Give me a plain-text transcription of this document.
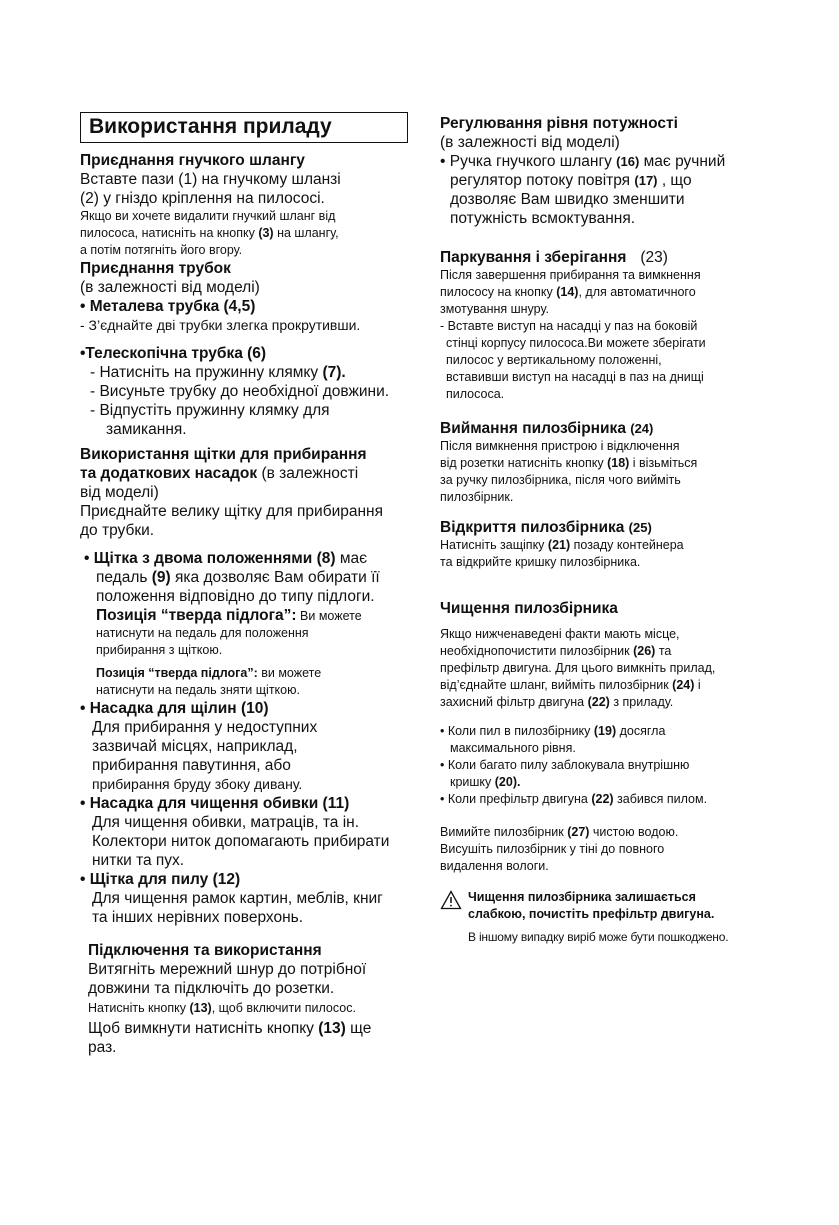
Використання приладу
Приєднання гнучкого шлангу
Вставте пази (1) на гнучкому шланзі
(2) у гніздо кріплення на пилососі.
Якщо ви хочете видалити гнучкий шланг від
пилососа, натисніть на кнопку (3) на шлангу,
а потім потягніть його вгору.
Приєднання трубок
(в залежності від моделі)
• Металева трубка (4,5)
- З’єднайте дві трубки злегка прокрутивши.
•Телескопічна трубка (6)
- Натисніть на пружинну клямку (7).
- Висуньте трубку до необхідної довжини.
- Відпустіть пружинну клямку для
замикання.
Використання щітки для прибирання
та додаткових насадок (в залежності
від моделі)
Приєднайте велику щітку для прибирання
до трубки.
• Щітка з двома положеннями (8) має
педаль (9) яка дозволяє Вам обирати її
положення відповідно до типу підлоги.
Позиція “тверда підлога”: Ви можете
натиснути на педаль для положення
прибирання з щіткою.
Позиція “тверда підлога”: ви можете
натиснути на педаль зняти щіткою.
• Насадка для щілин (10)
Для прибирання у недоступних
зазвичай місцях, наприклад,
прибирання павутиння, або
прибирання бруду збоку дивану.
• Насадка для чищення обивки (11)
Для чищення обивки, матраців, та ін.
Колектори ниток допомагають прибирати
нитки та пух.
• Щітка для пилу (12)
Для чищення рамок картин, меблів, книг
та інших нерівних поверхонь.
Підключення та використання
Витягніть мережний шнур до потрібної
довжини та підключіть до розетки.
Натисніть кнопку (13), щоб включити пилосос.
Щоб вимкнути натисніть кнопку (13) ще
раз.
Регулювання рівня потужності
(в залежності від моделі)
• Ручка гнучкого шлангу (16) має ручний
регулятор потоку повітря (17) , що
дозволяє Вам швидко зменшити
потужність всмоктування.
Паркування і зберігання (23)
Після завершення прибирання та вимкнення
пилососу на кнопку (14), для автоматичного
змотування шнуру.
- Вставте виступ на насадці у паз на боковій
стінці корпусу пилососа.Ви можете зберігати
пилосос у вертикальному положенні,
вставивши виступ на насадці в паз на днищі
пилососа.
Виймання пилозбірника (24)
Після вимкнення пристрою і відключення
від розетки натисніть кнопку (18) і візьміться
за ручку пилозбірника, після чого вийміть
пилозбірник.
Відкриття пилозбірника (25)
Натисніть защіпку (21) позаду контейнера
та відкрийте кришку пилозбірника.
Чищення пилозбірника
Якщо нижченаведені факти мають місце,
необхіднопочистити пилозбірник (26) та
префільтр двигуна. Для цього вимкніть прилад,
від’єднайте шланг, вийміть пилозбірник (24) і
захисний фільтр двигуна (22) з приладу.
• Коли пил в пилозбірнику (19) досягла
максимального рівня.
• Коли багато пилу заблокувала внутрішню
кришку (20).
• Коли префільтр двигуна (22) забився пилом.
Вимийте пилозбірник (27) чистою водою.
Висушіть пилозбірник у тіні до повного
видалення вологи.
Чищення пилозбірника залишається
слабкою, почистіть префільтр двигуна.
В іншому випадку виріб може бути пошкоджено.
